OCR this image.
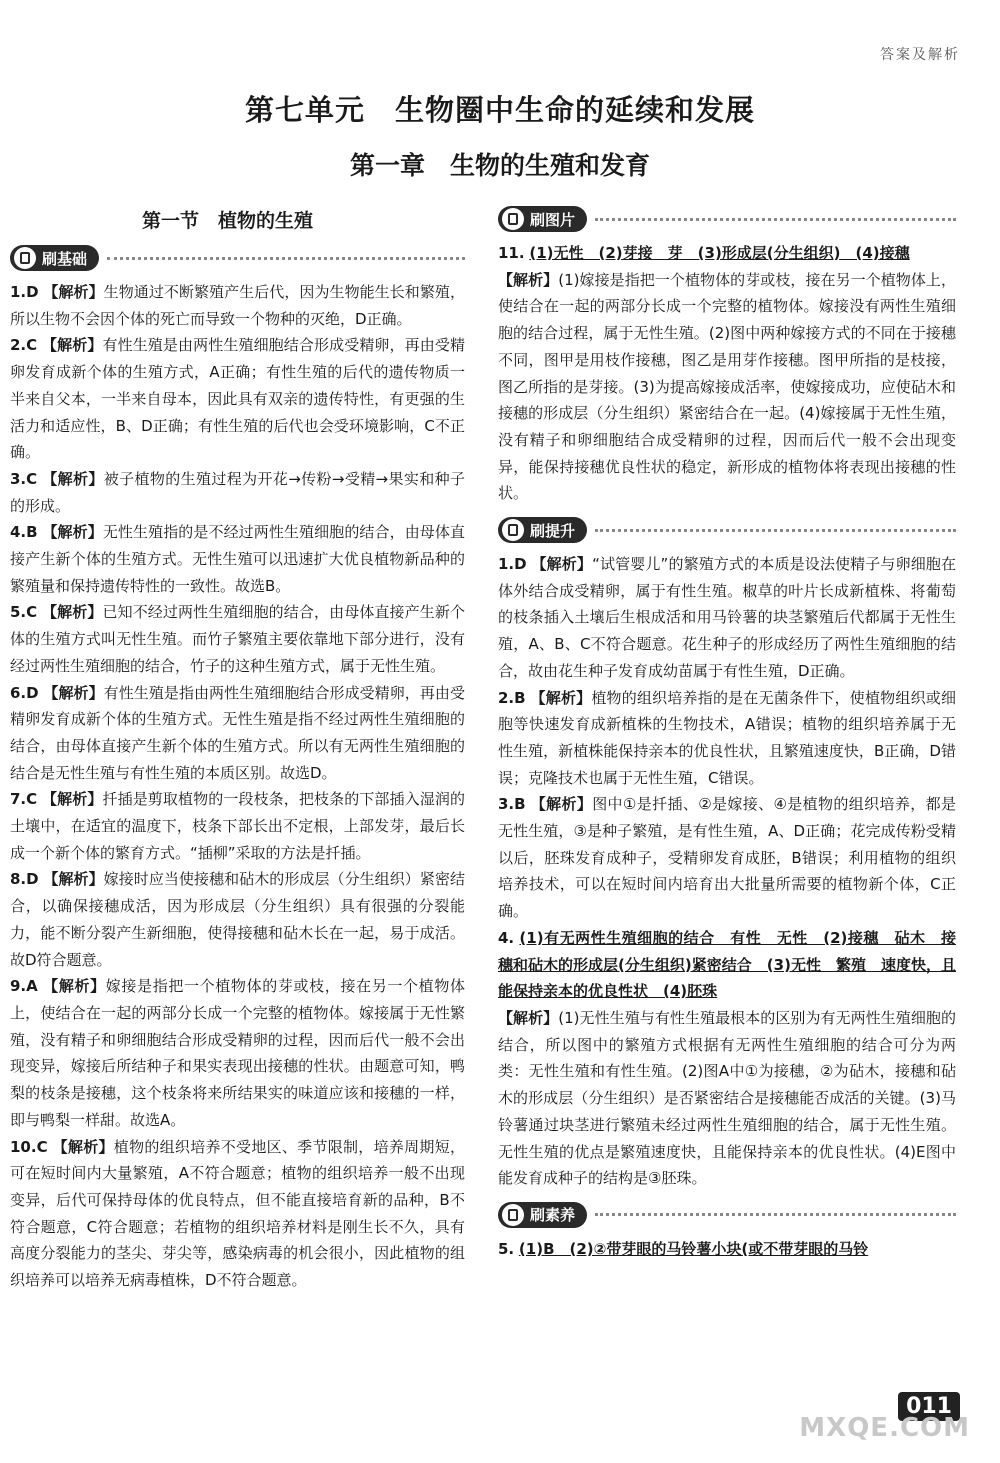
答案及解析
第七单元　生物圈中生命的延续和发展
第一章　生物的生殖和发育
第一节　植物的生殖
刷基础

1.D 【解析】生物通过不断繁殖产生后代，因为生物能生长和繁殖，所以生物不会因个体的死亡而导致一个物种的灭绝，D正确。

2.C 【解析】有性生殖是由两性生殖细胞结合形成受精卵，再由受精卵发育成新个体的生殖方式，A正确；有性生殖的后代的遗传物质一半来自父本，一半来自母本，因此具有双亲的遗传特性，有更强的生活力和适应性，B、D正确；有性生殖的后代也会受环境影响，C不正确。

3.C 【解析】被子植物的生殖过程为开花→传粉→受精→果实和种子的形成。

4.B 【解析】无性生殖指的是不经过两性生殖细胞的结合，由母体直接产生新个体的生殖方式。无性生殖可以迅速扩大优良植物新品种的繁殖量和保持遗传特性的一致性。故选B。

5.C 【解析】已知不经过两性生殖细胞的结合，由母体直接产生新个体的生殖方式叫无性生殖。而竹子繁殖主要依靠地下部分进行，没有经过两性生殖细胞的结合，竹子的这种生殖方式，属于无性生殖。

6.D 【解析】有性生殖是指由两性生殖细胞结合形成受精卵，再由受精卵发育成新个体的生殖方式。无性生殖是指不经过两性生殖细胞的结合，由母体直接产生新个体的生殖方式。所以有无两性生殖细胞的结合是无性生殖与有性生殖的本质区别。故选D。

7.C 【解析】扦插是剪取植物的一段枝条，把枝条的下部插入湿润的土壤中，在适宜的温度下，枝条下部长出不定根，上部发芽，最后长成一个新个体的繁育方式。“插柳”采取的方法是扦插。

8.D 【解析】嫁接时应当使接穗和砧木的形成层（分生组织）紧密结合，以确保接穗成活，因为形成层（分生组织）具有很强的分裂能力，能不断分裂产生新细胞，使得接穗和砧木长在一起，易于成活。故D符合题意。

9.A 【解析】嫁接是指把一个植物体的芽或枝，接在另一个植物体上，使结合在一起的两部分长成一个完整的植物体。嫁接属于无性繁殖，没有精子和卵细胞结合形成受精卵的过程，因而后代一般不会出现变异，嫁接后所结种子和果实表现出接穗的性状。由题意可知，鸭梨的枝条是接穗，这个枝条将来所结果实的味道应该和接穗的一样，即与鸭梨一样甜。故选A。

10.C 【解析】植物的组织培养不受地区、季节限制，培养周期短，可在短时间内大量繁殖，A不符合题意；植物的组织培养一般不出现变异，后代可保持母体的优良特点，但不能直接培育新的品种，B不符合题意，C符合题意；若植物的组织培养材料是刚生长不久，具有高度分裂能力的茎尖、芽尖等，感染病毒的机会很小，因此植物的组织培养可以培养无病毒植株，D不符合题意。

刷图片

11. (1)无性　(2)芽接　芽　(3)形成层(分生组织)　(4)接穗

【解析】(1)嫁接是指把一个植物体的芽或枝，接在另一个植物体上，使结合在一起的两部分长成一个完整的植物体。嫁接没有两性生殖细胞的结合过程，属于无性生殖。(2)图中两种嫁接方式的不同在于接穗不同，图甲是用枝作接穗，图乙是用芽作接穗。图甲所指的是枝接，图乙所指的是芽接。(3)为提高嫁接成活率，使嫁接成功，应使砧木和接穗的形成层（分生组织）紧密结合在一起。(4)嫁接属于无性生殖，没有精子和卵细胞结合成受精卵的过程，因而后代一般不会出现变异，能保持接穗优良性状的稳定，新形成的植物体将表现出接穗的性状。

刷提升

1.D 【解析】“试管婴儿”的繁殖方式的本质是设法使精子与卵细胞在体外结合成受精卵，属于有性生殖。椒草的叶片长成新植株、将葡萄的枝条插入土壤后生根成活和用马铃薯的块茎繁殖后代都属于无性生殖，A、B、C不符合题意。花生种子的形成经历了两性生殖细胞的结合，故由花生种子发育成幼苗属于有性生殖，D正确。

2.B 【解析】植物的组织培养指的是在无菌条件下，使植物组织或细胞等快速发育成新植株的生物技术，A错误；植物的组织培养属于无性生殖，新植株能保持亲本的优良性状，且繁殖速度快，B正确，D错误；克隆技术也属于无性生殖，C错误。

3.B 【解析】图中①是扦插、②是嫁接、④是植物的组织培养，都是无性生殖，③是种子繁殖，是有性生殖，A、D正确；花完成传粉受精以后，胚珠发育成种子，受精卵发育成胚，B错误；利用植物的组织培养技术，可以在短时间内培育出大批量所需要的植物新个体，C正确。

4. (1)有无两性生殖细胞的结合　有性　无性　(2)接穗　砧木　接穗和砧木的形成层(分生组织)紧密结合　(3)无性　繁殖　速度快，且能保持亲本的优良性状　(4)胚珠

【解析】(1)无性生殖与有性生殖最根本的区别为有无两性生殖细胞的结合，所以图中的繁殖方式根据有无两性生殖细胞的结合可分为两类：无性生殖和有性生殖。(2)图A中①为接穗，②为砧木，接穗和砧木的形成层（分生组织）是否紧密结合是接穗能否成活的关键。(3)马铃薯通过块茎进行繁殖未经过两性生殖细胞的结合，属于无性生殖。无性生殖的优点是繁殖速度快，且能保持亲本的优良性状。(4)E图中能发育成种子的结构是③胚珠。

刷素养

5. (1)B　(2)②带芽眼的马铃薯小块(或不带芽眼的马铃

011
MXQE.COM
